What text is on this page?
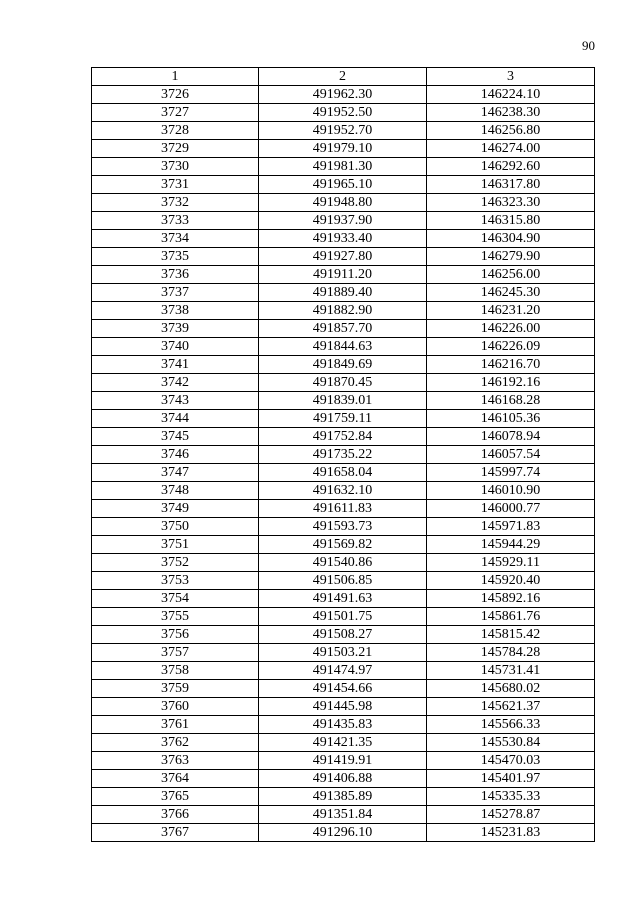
90
1	2	3
3726	491962.30	146224.10
3727	491952.50	146238.30
3728	491952.70	146256.80
3729	491979.10	146274.00
3730	491981.30	146292.60
3731	491965.10	146317.80
3732	491948.80	146323.30
3733	491937.90	146315.80
3734	491933.40	146304.90
3735	491927.80	146279.90
3736	491911.20	146256.00
3737	491889.40	146245.30
3738	491882.90	146231.20
3739	491857.70	146226.00
3740	491844.63	146226.09
3741	491849.69	146216.70
3742	491870.45	146192.16
3743	491839.01	146168.28
3744	491759.11	146105.36
3745	491752.84	146078.94
3746	491735.22	146057.54
3747	491658.04	145997.74
3748	491632.10	146010.90
3749	491611.83	146000.77
3750	491593.73	145971.83
3751	491569.82	145944.29
3752	491540.86	145929.11
3753	491506.85	145920.40
3754	491491.63	145892.16
3755	491501.75	145861.76
3756	491508.27	145815.42
3757	491503.21	145784.28
3758	491474.97	145731.41
3759	491454.66	145680.02
3760	491445.98	145621.37
3761	491435.83	145566.33
3762	491421.35	145530.84
3763	491419.91	145470.03
3764	491406.88	145401.97
3765	491385.89	145335.33
3766	491351.84	145278.87
3767	491296.10	145231.83
